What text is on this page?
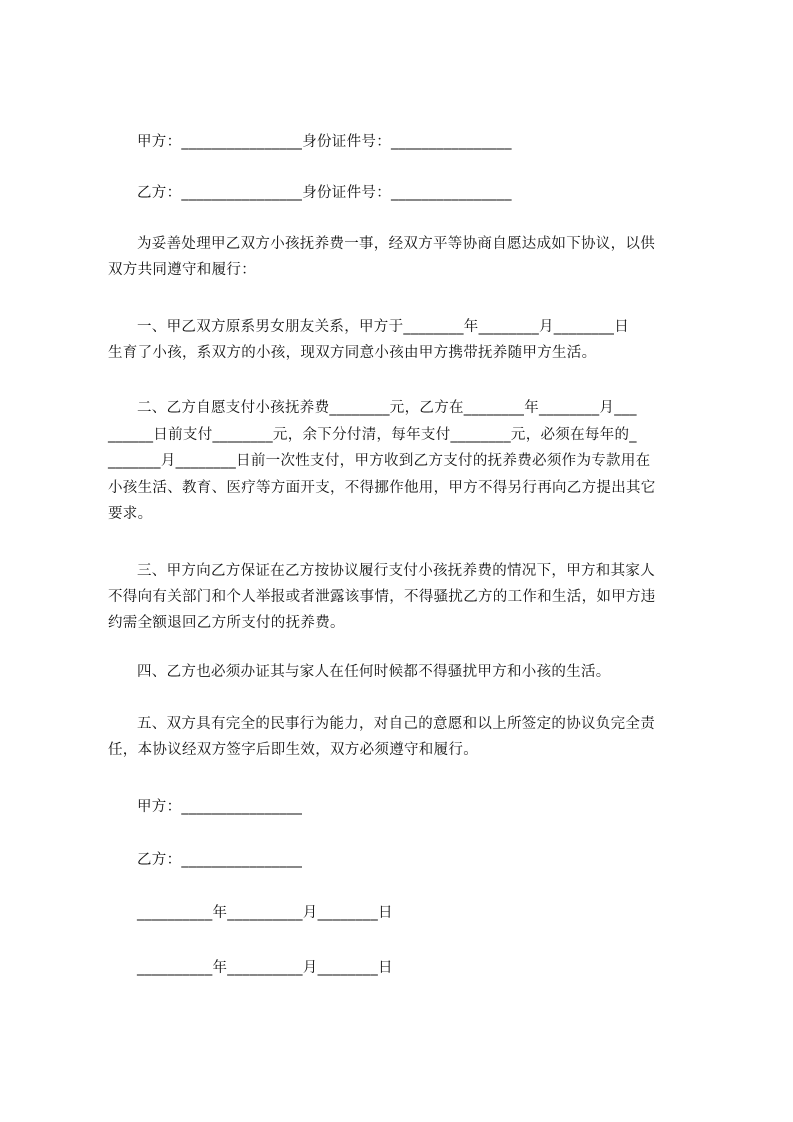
甲方：________________身份证件号：________________
乙方：________________身份证件号：________________
为妥善处理甲乙双方小孩抚养费一事，经双方平等协商自愿达成如下协议，以供
双方共同遵守和履行：
一、甲乙双方原系男女朋友关系，甲方于________年________月________日
生育了小孩，系双方的小孩，现双方同意小孩由甲方携带抚养随甲方生活。
二、乙方自愿支付小孩抚养费________元，乙方在________年________月___
______日前支付________元，余下分付清，每年支付________元，必须在每年的_
_______月________日前一次性支付，甲方收到乙方支付的抚养费必须作为专款用在
小孩生活、教育、医疗等方面开支，不得挪作他用，甲方不得另行再向乙方提出其它
要求。
三、甲方向乙方保证在乙方按协议履行支付小孩抚养费的情况下，甲方和其家人
不得向有关部门和个人举报或者泄露该事情，不得骚扰乙方的工作和生活，如甲方违
约需全额退回乙方所支付的抚养费。
四、乙方也必须办证其与家人在任何时候都不得骚扰甲方和小孩的生活。
五、双方具有完全的民事行为能力，对自己的意愿和以上所签定的协议负完全责
任，本协议经双方签字后即生效，双方必须遵守和履行。
甲方：________________
乙方：________________
__________年__________月________日
__________年__________月________日
